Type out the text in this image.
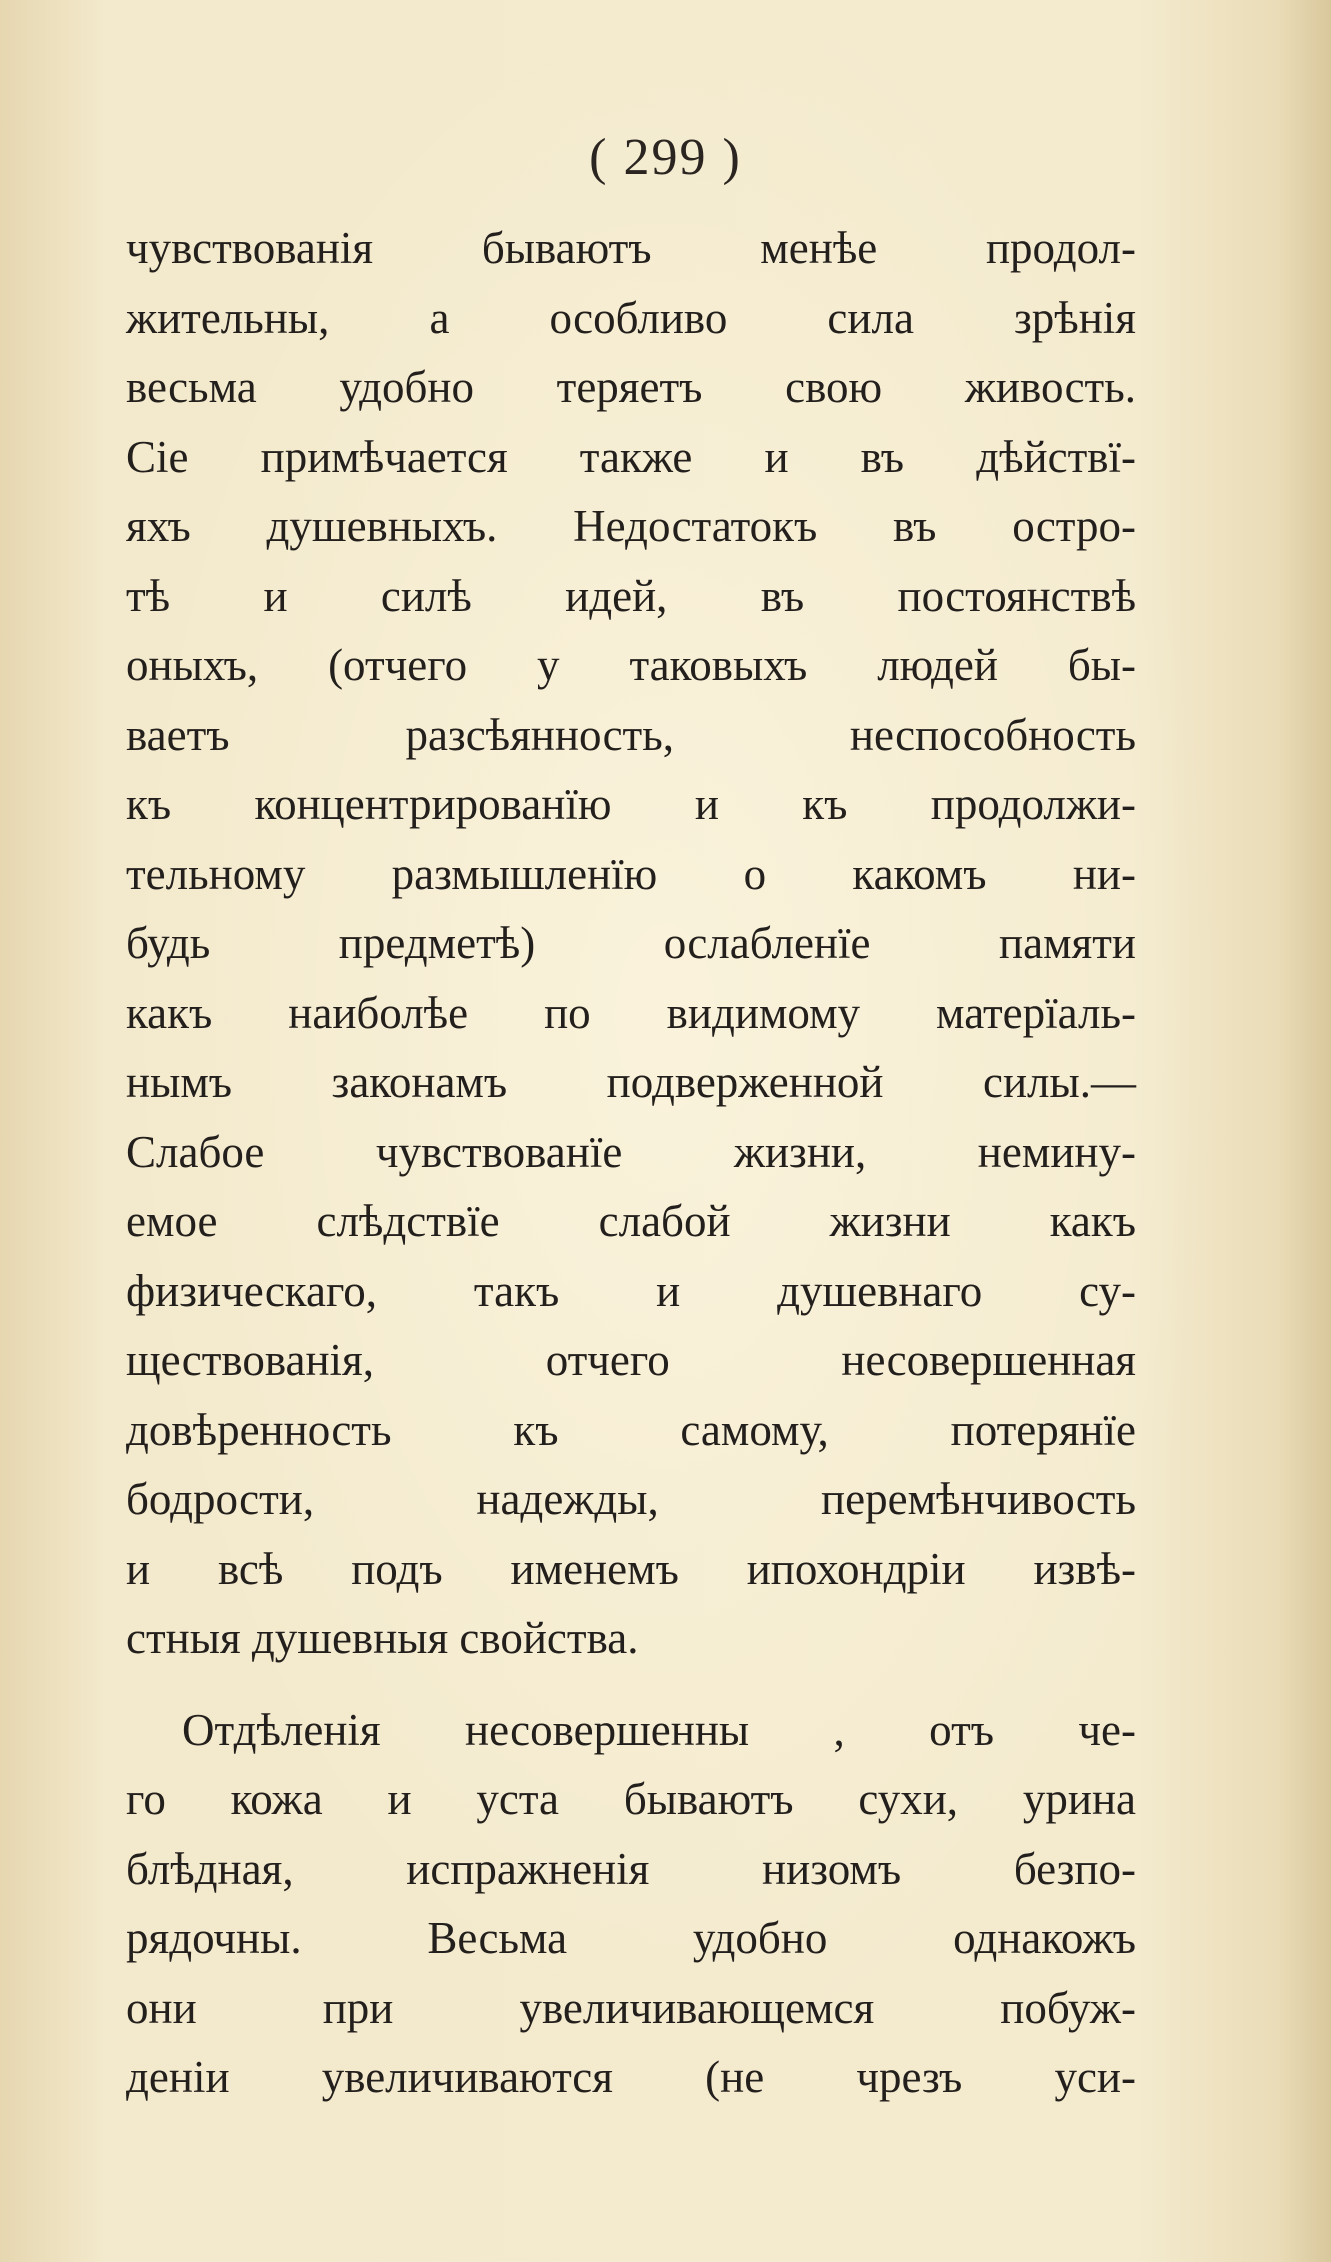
( 299 )
чувствованія бываютъ менѣе продол-
жительны, а особливо сила зрѣнія
весьма удобно теряетъ свою живость.
Сіе примѣчается также и въ дѣйствї-
яхъ душевныхъ. Недостатокъ въ остро-
тѣ и силѣ идей, въ постоянствѣ
оныхъ, (отчего у таковыхъ людей бы-
ваетъ разсѣянность, неспособность
къ концентрированїю и къ продолжи-
тельному размышленїю о какомъ ни-
будь предметѣ) ослабленїе памяти
какъ наиболѣе по видимому матерїаль-
нымъ законамъ подверженной силы.—
Слабое чувствованїе жизни, немину-
емое слѣдствїе слабой жизни какъ
физическаго, такъ и душевнаго су-
ществованія, отчего несовершенная
довѣренность къ самому, потерянїе
бодрости, надежды, перемѣнчивость
и всѣ подъ именемъ ипохондріи извѣ-
стныя душевныя свойства.
Отдѣленія несовершенны , отъ че-
го кожа и уста бываютъ сухи, урина
блѣдная, испражненія низомъ безпо-
рядочны. Весьма удобно однакожъ
они при увеличивающемся побуж-
деніи увеличиваются (не чрезъ уси-
